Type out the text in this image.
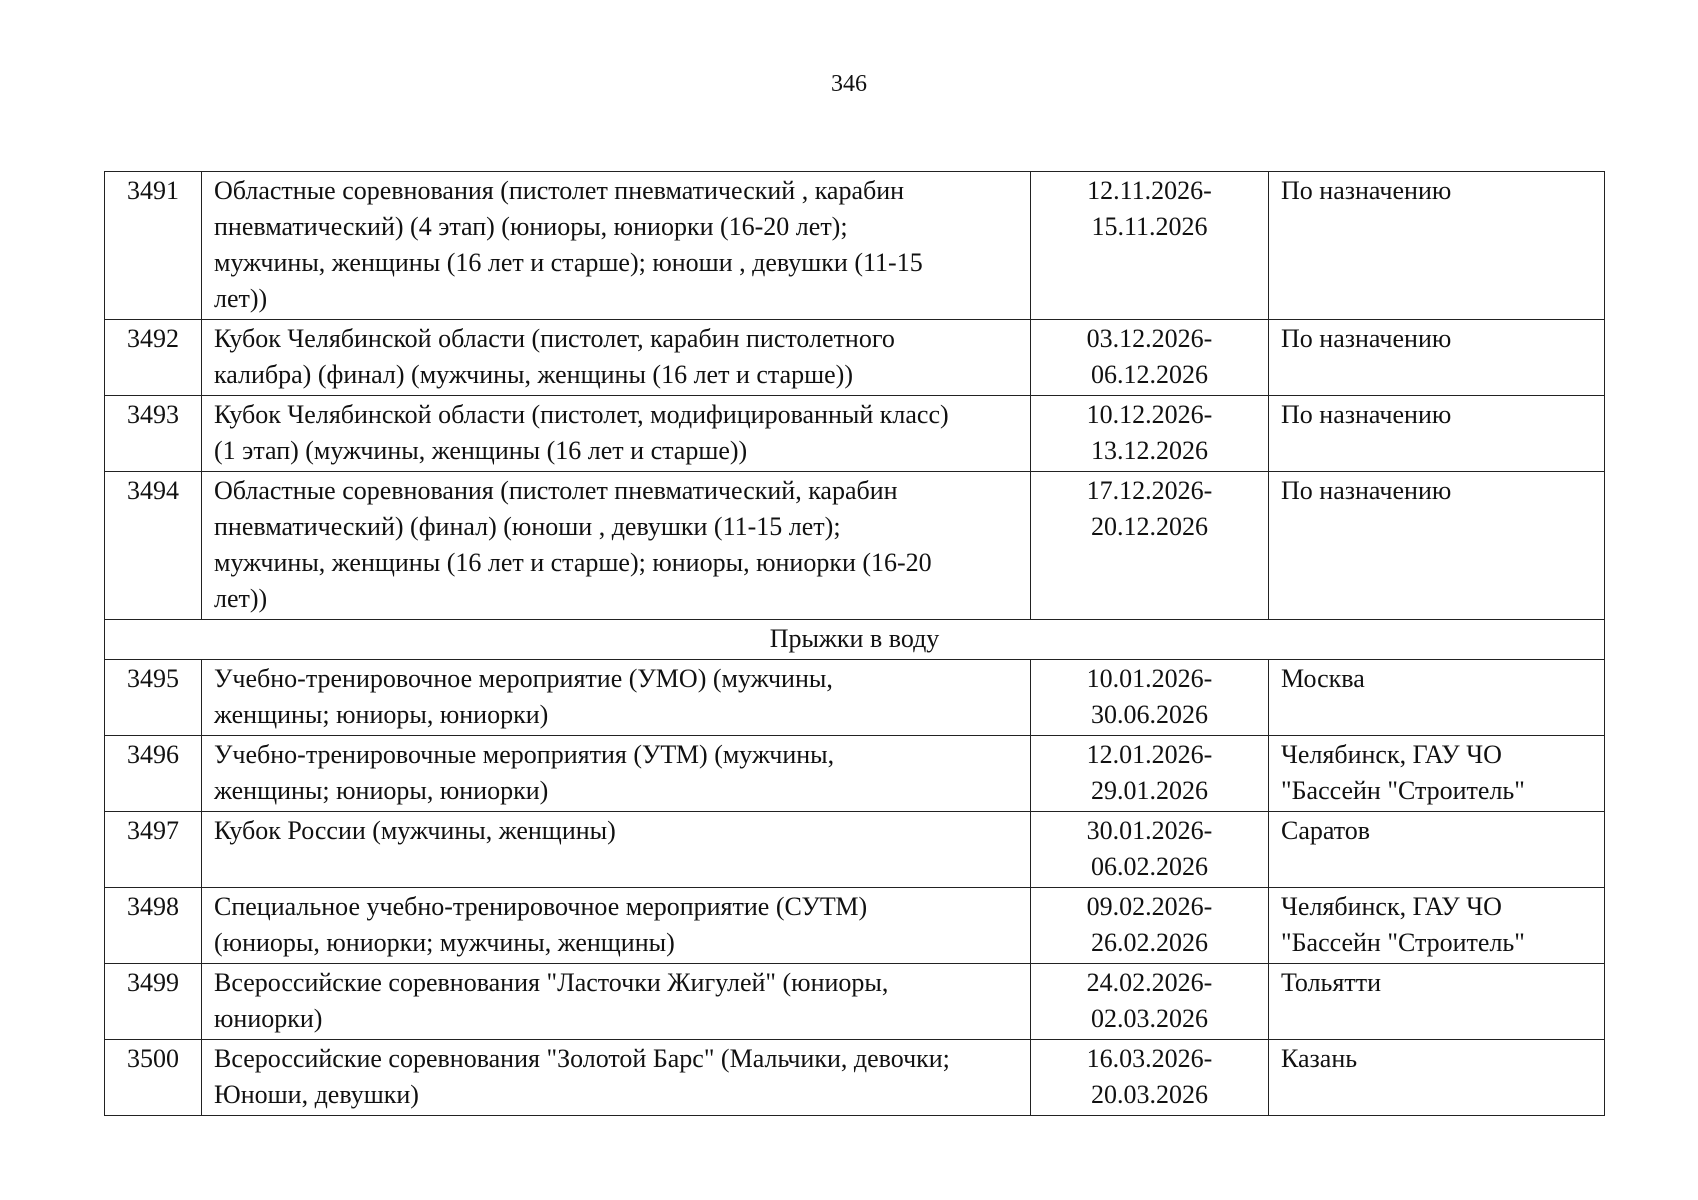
346
3491	Областные соревнования (пистолет пневматический , карабин
пневматический) (4 этап) (юниоры, юниорки (16-20 лет);
мужчины, женщины (16 лет и старше); юноши , девушки (11-15
лет))	12.11.2026-
15.11.2026	По назначению

3492	Кубок Челябинской области (пистолет, карабин пистолетного
калибра) (финал) (мужчины, женщины (16 лет и старше))	03.12.2026-
06.12.2026	По назначению

3493	Кубок Челябинской области (пистолет, модифицированный класс)
(1 этап) (мужчины, женщины (16 лет и старше))	10.12.2026-
13.12.2026	По назначению

3494	Областные соревнования (пистолет пневматический, карабин
пневматический) (финал) (юноши , девушки (11-15 лет);
мужчины, женщины (16 лет и старше); юниоры, юниорки (16-20
лет))	17.12.2026-
20.12.2026	По назначению

Прыжки в воду			
3495	Учебно-тренировочное мероприятие (УМО) (мужчины,
женщины; юниоры, юниорки)	10.01.2026-
30.06.2026	Москва

3496	Учебно-тренировочные мероприятия (УТМ) (мужчины,
женщины; юниоры, юниорки)	12.01.2026-
29.01.2026	Челябинск, ГАУ ЧО
"Бассейн "Строитель"

3497	Кубок России (мужчины, женщины)	30.01.2026-
06.02.2026	Саратов

3498	Специальное учебно-тренировочное мероприятие (СУТМ)
(юниоры, юниорки; мужчины, женщины)	09.02.2026-
26.02.2026	Челябинск, ГАУ ЧО
"Бассейн "Строитель"

3499	Всероссийские соревнования "Ласточки Жигулей" (юниоры,
юниорки)	24.02.2026-
02.03.2026	Тольятти

3500	Всероссийские соревнования "Золотой Барс" (Мальчики, девочки;
Юноши, девушки)	16.03.2026-
20.03.2026	Казань
